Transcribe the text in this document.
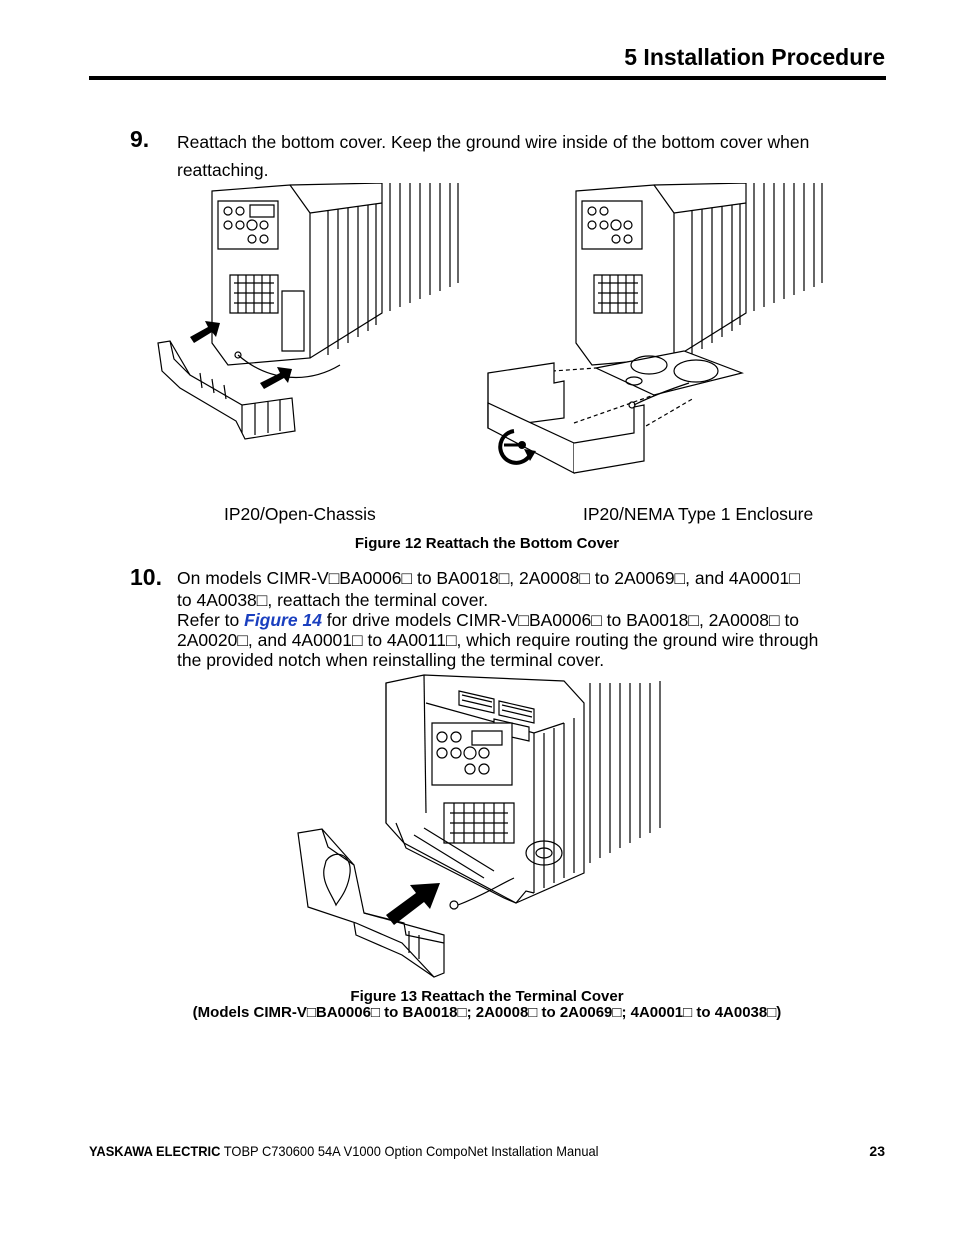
5 Installation Procedure
9. Reattach the bottom cover. Keep the ground wire inside of the bottom cover when reattaching.
IP20/Open-Chassis	IP20/NEMA Type 1 Enclosure
Figure 12 Reattach the Bottom Cover
10. On models CIMR-V□BA0006□ to BA0018□, 2A0008□ to 2A0069□, and 4A0001□
to 4A0038□, reattach the terminal cover.
Refer to Figure 14 for drive models CIMR-V□BA0006□ to BA0018□, 2A0008□ to
2A0020□, and 4A0001□ to 4A0011□, which require routing the ground wire through
the provided notch when reinstalling the terminal cover.
Figure 13 Reattach the Terminal Cover
(Models CIMR-V□BA0006□ to BA0018□; 2A0008□ to 2A0069□; 4A0001□ to 4A0038□)
YASKAWA ELECTRIC TOBP C730600 54A V1000 Option CompoNet Installation Manual	23
